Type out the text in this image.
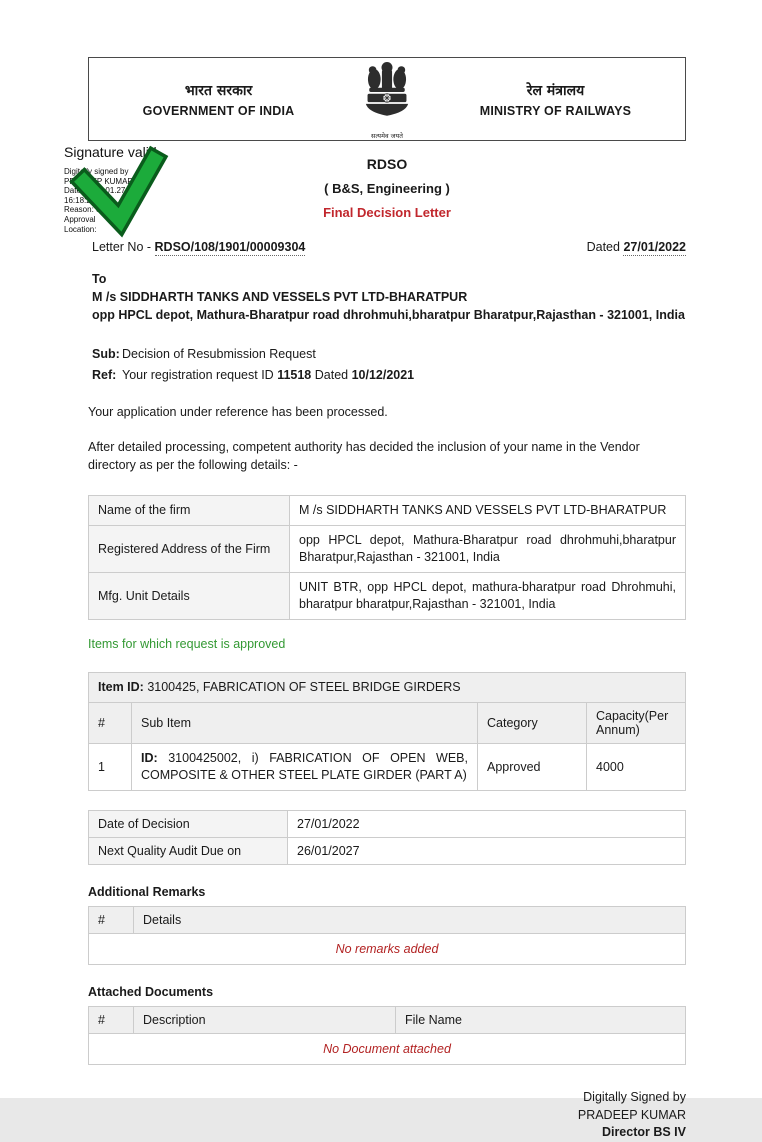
भारत सरकार
GOVERNMENT OF INDIA
सत्यमेव जयते
रेल मंत्रालय
MINISTRY OF RAILWAYS
Signature valid
Digitally signed by
PRADEEP KUMAR
Date: 2022.01.27
16:18:26 IST
Reason: Sign Final
Approval
Location:
RDSO
( B&S, Engineering )
Final Decision Letter
Letter No - RDSO/108/1901/00009304	Dated 27/01/2022
To
M /s SIDDHARTH TANKS AND VESSELS PVT LTD-BHARATPUR
opp HPCL depot, Mathura-Bharatpur road dhrohmuhi,bharatpur Bharatpur,Rajasthan - 321001, India
Sub: Decision of Resubmission Request
Ref: Your registration request ID 11518 Dated 10/12/2021
Your application under reference has been processed.
After detailed processing, competent authority has decided the inclusion of your name in the Vendor directory as per the following details: -
Name of the firm	M /s SIDDHARTH TANKS AND VESSELS PVT LTD-BHARATPUR
Registered Address of the Firm	opp HPCL depot, Mathura-Bharatpur road dhrohmuhi,bharatpur Bharatpur,Rajasthan - 321001, India
Mfg. Unit Details	UNIT BTR, opp HPCL depot, mathura-bharatpur road Dhrohmuhi, bharatpur bharatpur,Rajasthan - 321001, India
Items for which request is approved
Item ID: 3100425, FABRICATION OF STEEL BRIDGE GIRDERS			
#	Sub Item	Category	Capacity(Per Annum)
1	ID: 3100425002, i) FABRICATION OF OPEN WEB, COMPOSITE & OTHER STEEL PLATE GIRDER (PART A)	Approved	4000
Date of Decision	27/01/2022
Next Quality Audit Due on	26/01/2027
Additional Remarks
#	Details
No remarks added
Attached Documents
#	Description	File Name
No Document attached
Digitally Signed by
PRADEEP KUMAR
Director BS IV
